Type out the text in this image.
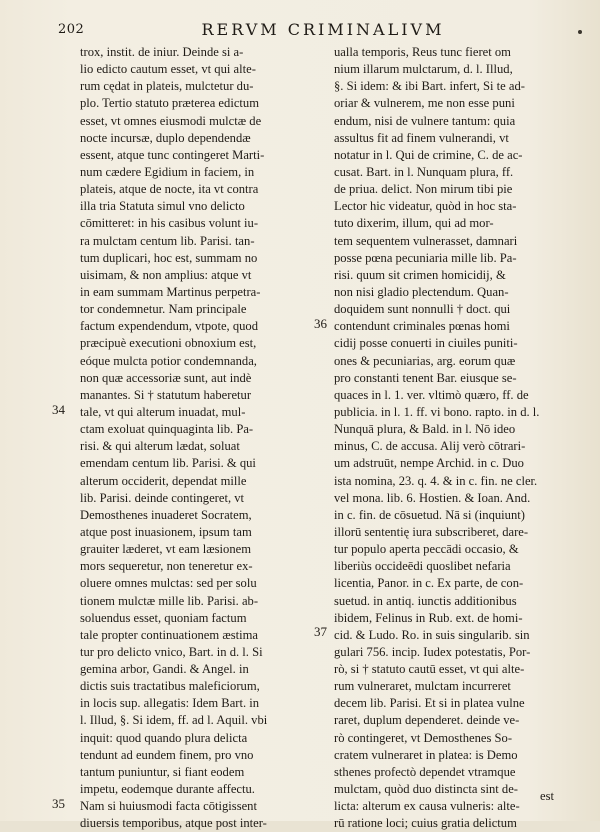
202	RERVM CRIMINALIVM
trox, instit. de iniur. Deinde si a-
lio edicto cautum esset, vt qui alte-
rum cędat in plateis, mulctetur du-
plo. Tertio statuto præterea edictum
esset, vt omnes eiusmodi mulctæ de
nocte incursæ, duplo dependendæ
essent, atque tunc contingeret Marti-
num cædere Egidium in faciem, in
plateis, atque de nocte, ita vt contra
illa tria Statuta simul vno delicto
cōmitteret: in his casibus volunt iu-
ra mulctam centum lib. Parisi. tan-
tum duplicari, hoc est, summam no
uisimam, & non amplius: atque vt
in eam summam Martinus perpetra-
tor condemnetur. Nam principale
factum expendendum, vtpote, quod
præcipuè executioni obnoxium est,
eóque mulcta potior condemnanda,
non quæ accessoriæ sunt, aut indè
manantes. Si † statutum haberetur
tale, vt qui alterum inuadat, mul-
ctam exoluat quinquaginta lib. Pa-
risi. & qui alterum lædat, soluat
emendam centum lib. Parisi. & qui
alterum occiderit, dependat mille
lib. Parisi. deinde contingeret, vt
Demosthenes inuaderet Socratem,
atque post inuasionem, ipsum tam
grauiter læderet, vt eam læsionem
mors sequeretur, non teneretur ex-
oluere omnes mulctas: sed per solu
tionem mulctæ mille lib. Parisi. ab-
soluendus esset, quoniam factum
tale propter continuationem æstima
tur pro delicto vnico, Bart. in d. l. Si
gemina arbor, Gandi. & Angel. in
dictis suis tractatibus maleficiorum,
in locis sup. allegatis: Idem Bart. in
l. Illud, §. Si idem, ff. ad l. Aquil. vbi
inquit: quod quando plura delicta
tendunt ad eundem finem, pro vno
tantum puniuntur, si fiant eodem
impetu, eodemque durante affectu.
Nam si huiusmodi facta cōtigissent
diuersis temporibus, atque post inter-
ualla temporis, Reus tunc fieret om
nium illarum mulctarum, d. l. Illud,
§. Si idem: & ibi Bart. infert, Si te ad-
oriar & vulnerem, me non esse puni
endum, nisi de vulnere tantum: quia
assultus fit ad finem vulnerandi, vt
notatur in l. Qui de crimine, C. de ac-
cusat. Bart. in l. Nunquam plura, ff.
de priua. delict. Non mirum tibi pie
Lector hic videatur, quòd in hoc sta-
tuto dixerim, illum, qui ad mor-
tem sequentem vulnerasset, damnari
posse pœna pecuniaria mille lib. Pa-
risi. quum sit crimen homicidij, &
non nisi gladio plectendum. Quan-
doquidem sunt nonnulli † doct. qui
contendunt criminales pœnas homi
cidij posse conuerti in ciuiles puniti-
ones & pecuniarias, arg. eorum quæ
pro constanti tenent Bar. eiusque se-
quaces in l. 1. ver. vltimò quæro, ff. de
publicia. in l. 1. ff. vi bono. rapto. in d. l.
Nunquā plura, & Bald. in l. Nō ideo
minus, C. de accusa. Alij verò cōtrari-
um adstruūt, nempe Archid. in c. Duo
ista nomina, 23. q. 4. & in c. fin. ne cler.
vel mona. lib. 6. Hostien. & Ioan. And.
in c. fin. de cōsuetud. Nā si (inquiunt)
illorū sententię iura subscriberet, dare-
tur populo aperta peccādi occasio, &
liberiùs occideēdi quoslibet nefaria
licentia, Panor. in c. Ex parte, de con-
suetud. in antiq. iunctis additionibus
ibidem, Felinus in Rub. ext. de homi-
cid. & Ludo. Ro. in suis singularib. sin
gulari 756. incip. Iudex potestatis, Por-
rò, si † statuto cautū esset, vt qui alte-
rum vulneraret, mulctam incurreret
decem lib. Parisi. Et si in platea vulne
raret, duplum dependeret. deinde ve-
rò contingeret, vt Demosthenes So-
cratem vulneraret in platea: is Demo
sthenes profectò dependet vtramque
mulctam, quòd duo distincta sint de-
licta: alterum ex causa vulneris: alte-
rū ratione loci; cuius gratia delictum
36
34
37
35	est
